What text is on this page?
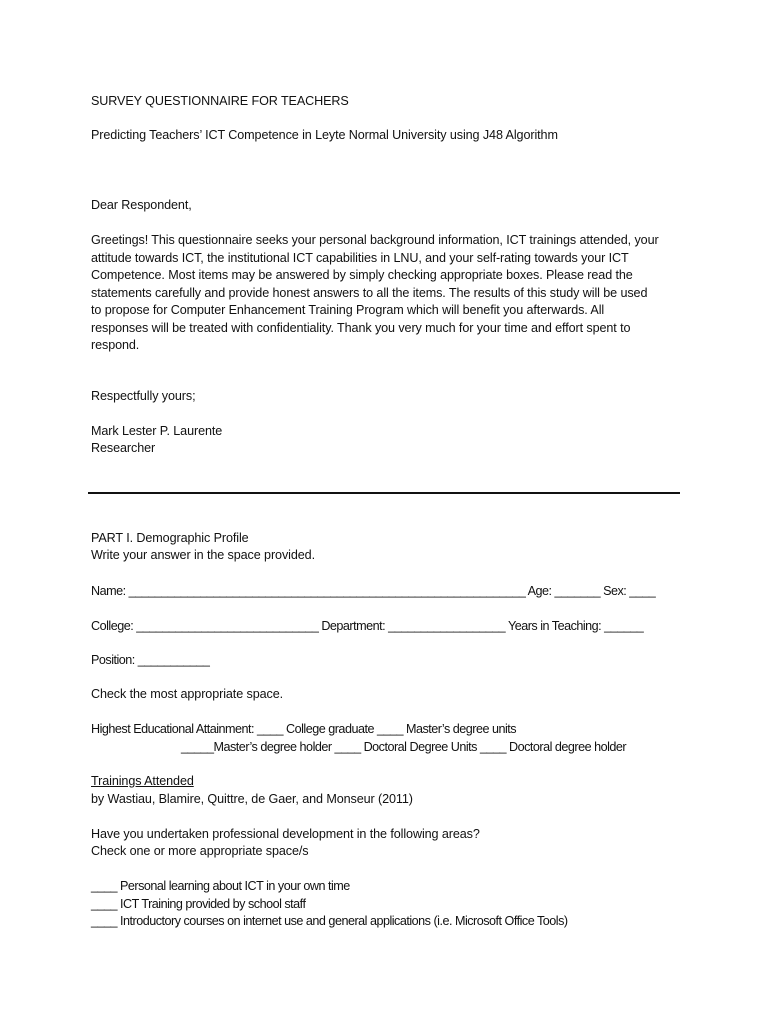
SURVEY QUESTIONNAIRE FOR TEACHERS
Predicting Teachers’ ICT Competence in Leyte Normal University using J48 Algorithm
Dear Respondent,
Greetings! This questionnaire seeks your personal background information, ICT trainings attended, your
attitude towards ICT, the institutional ICT capabilities in LNU, and your self-rating towards your ICT
Competence. Most items may be answered by simply checking appropriate boxes. Please read the
statements carefully and provide honest answers to all the items. The results of this study will be used
to propose for Computer Enhancement Training Program which will benefit you afterwards. All
responses will be treated with confidentiality. Thank you very much for your time and effort spent to
respond.
Respectfully yours;
Mark Lester P. Laurente
Researcher
PART I. Demographic Profile
Write your answer in the space provided.
Name: _____________________________________________________________ Age: _______ Sex: ____
College: ____________________________ Department: __________________ Years in Teaching: ______
Position: ___________
Check the most appropriate space.
Highest Educational Attainment: ____ College graduate ____ Master’s degree units
_____Master’s degree holder ____ Doctoral Degree Units ____ Doctoral degree holder
Trainings Attended
by Wastiau, Blamire, Quittre, de Gaer, and Monseur (2011)
Have you undertaken professional development in the following areas?
Check one or more appropriate space/s
____ Personal learning about ICT in your own time
____ ICT Training provided by school staff
____ Introductory courses on internet use and general applications (i.e. Microsoft Office Tools)
